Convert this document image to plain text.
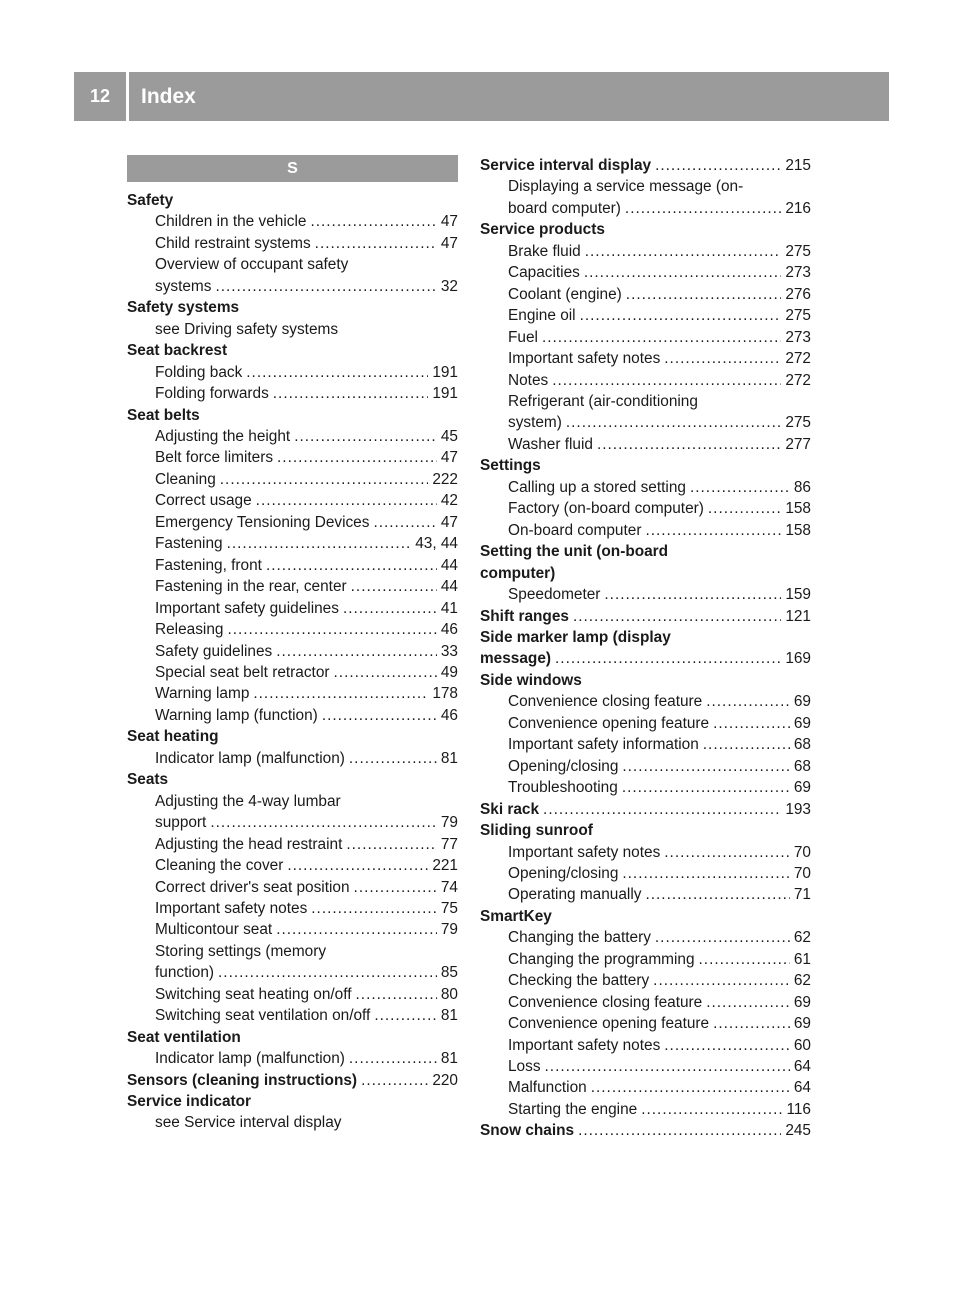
12	Index
S
Safety
Children in the vehicle .....	47
Child restraint systems .....	47
Overview of occupant safety
systems .....	32
Safety systems
see Driving safety systems
Seat backrest
Folding back .....	191
Folding forwards .....	191
Seat belts
Adjusting the height .....	45
Belt force limiters .....	47
Cleaning .....	222
Correct usage .....	42
Emergency Tensioning Devices .....	47
Fastening .....	43, 44
Fastening, front .....	44
Fastening in the rear, center .....	44
Important safety guidelines .....	41
Releasing .....	46
Safety guidelines .....	33
Special seat belt retractor .....	49
Warning lamp .....	178
Warning lamp (function) .....	46
Seat heating
Indicator lamp (malfunction) .....	81
Seats
Adjusting the 4-way lumbar
support .....	79
Adjusting the head restraint .....	77
Cleaning the cover .....	221
Correct driver's seat position .....	74
Important safety notes .....	75
Multicontour seat .....	79
Storing settings (memory
function) .....	85
Switching seat heating on/off .....	80
Switching seat ventilation on/off .....	81
Seat ventilation
Indicator lamp (malfunction) .....	81
Sensors (cleaning instructions) .....	220
Service indicator
see Service interval display
Service interval display .....	215
Displaying a service message (on-
board computer) .....	216
Service products
Brake fluid .....	275
Capacities .....	273
Coolant (engine) .....	276
Engine oil .....	275
Fuel .....	273
Important safety notes .....	272
Notes .....	272
Refrigerant (air-conditioning
system) .....	275
Washer fluid .....	277
Settings
Calling up a stored setting .....	86
Factory (on-board computer) .....	158
On-board computer .....	158
Setting the unit (on-board
computer)
Speedometer .....	159
Shift ranges .....	121
Side marker lamp (display
message) .....	169
Side windows
Convenience closing feature .....	69
Convenience opening feature .....	69
Important safety information .....	68
Opening/closing .....	68
Troubleshooting .....	69
Ski rack .....	193
Sliding sunroof
Important safety notes .....	70
Opening/closing .....	70
Operating manually .....	71
SmartKey
Changing the battery .....	62
Changing the programming .....	61
Checking the battery .....	62
Convenience closing feature .....	69
Convenience opening feature .....	69
Important safety notes .....	60
Loss .....	64
Malfunction .....	64
Starting the engine .....	116
Snow chains .....	245
